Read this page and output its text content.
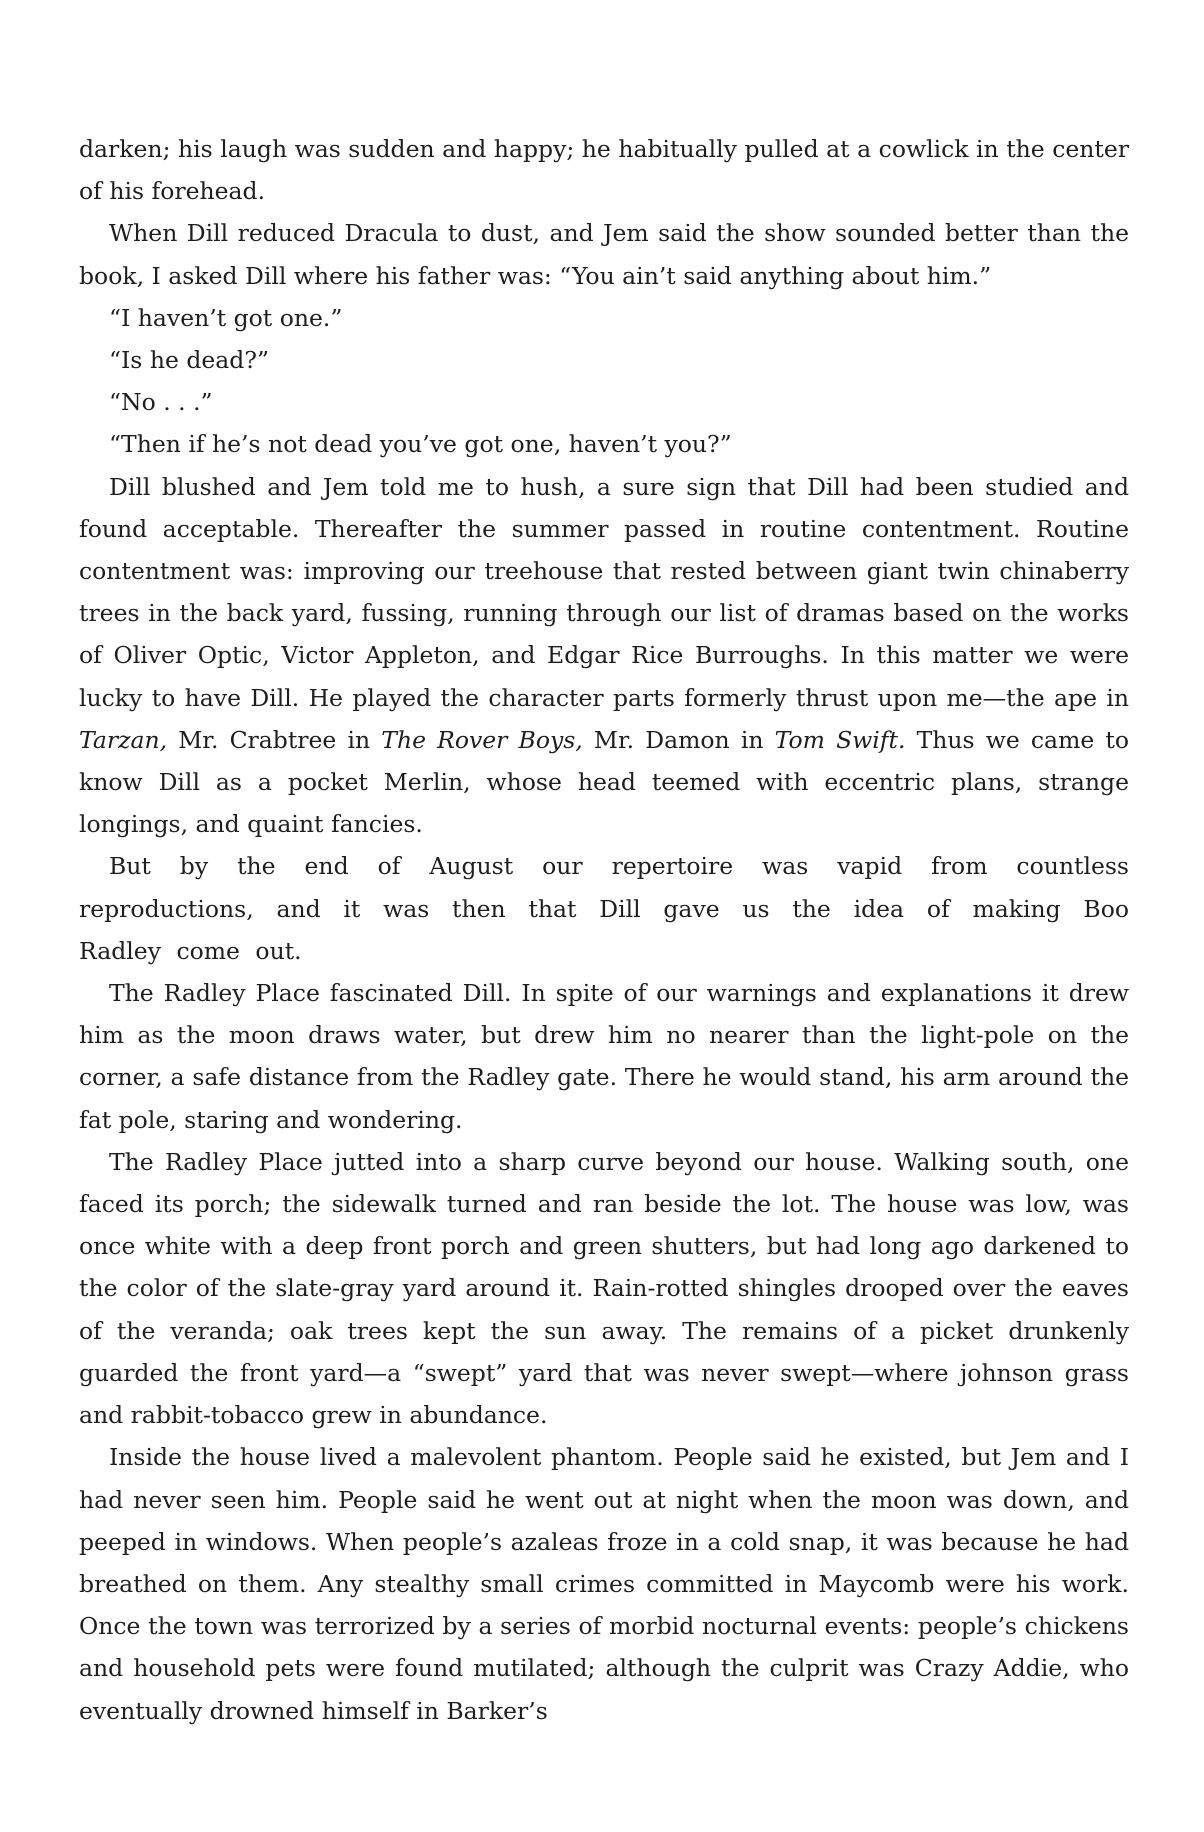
darken; his laugh was sudden and happy; he habitually pulled at a cowlick in the center of his forehead.

When Dill reduced Dracula to dust, and Jem said the show sounded better than the book, I asked Dill where his father was: “You ain’t said anything about him.”

“I haven’t got one.”

“Is he dead?”

“No . . .”

“Then if he’s not dead you’ve got one, haven’t you?”

Dill blushed and Jem told me to hush, a sure sign that Dill had been studied and found acceptable. Thereafter the summer passed in routine contentment. Routine contentment was: improving our treehouse that rested between giant twin chinaberry trees in the back yard, fussing, running through our list of dramas based on the works of Oliver Optic, Victor Appleton, and Edgar Rice Burroughs. In this matter we were lucky to have Dill. He played the character parts formerly thrust upon me—the ape in Tarzan, Mr. Crabtree in The Rover Boys, Mr. Damon in Tom Swift. Thus we came to know Dill as a pocket Merlin, whose head teemed with eccentric plans, strange longings, and quaint fancies.

But by the end of August our repertoire was vapid from countless reproductions, and it was then that Dill gave us the idea of making Boo Radley come out.

The Radley Place fascinated Dill. In spite of our warnings and explanations it drew him as the moon draws water, but drew him no nearer than the light-pole on the corner, a safe distance from the Radley gate. There he would stand, his arm around the fat pole, staring and wondering.

The Radley Place jutted into a sharp curve beyond our house. Walking south, one faced its porch; the sidewalk turned and ran beside the lot. The house was low, was once white with a deep front porch and green shutters, but had long ago darkened to the color of the slate-gray yard around it. Rain-rotted shingles drooped over the eaves of the veranda; oak trees kept the sun away. The remains of a picket drunkenly guarded the front yard—a “swept” yard that was never swept—where johnson grass and rabbit-tobacco grew in abundance.

Inside the house lived a malevolent phantom. People said he existed, but Jem and I had never seen him. People said he went out at night when the moon was down, and peeped in windows. When people’s azaleas froze in a cold snap, it was because he had breathed on them. Any stealthy small crimes committed in Maycomb were his work. Once the town was terrorized by a series of morbid nocturnal events: people’s chickens and household pets were found mutilated; although the culprit was Crazy Addie, who eventually drowned himself in Barker’s
